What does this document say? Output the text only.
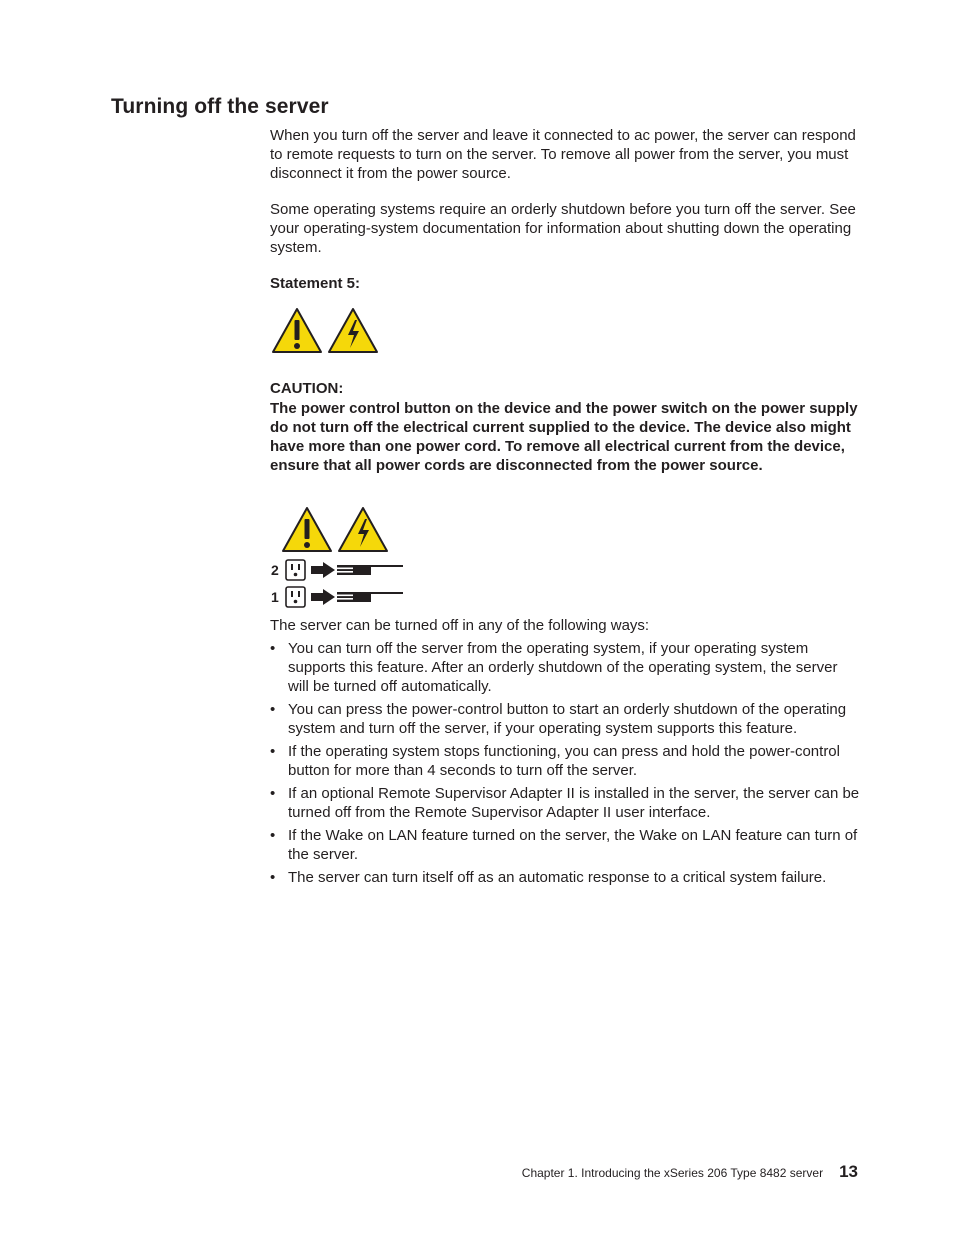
Turning off the server

When you turn off the server and leave it connected to ac power, the server can respond to remote requests to turn on the server. To remove all power from the server, you must disconnect it from the power source.

Some operating systems require an orderly shutdown before you turn off the server. See your operating-system documentation for information about shutting down the operating system.

Statement 5:
CAUTION:

The power control button on the device and the power switch on the power supply do not turn off the electrical current supplied to the device. The device also might have more than one power cord. To remove all electrical current from the device, ensure that all power cords are disconnected from the power source.

2
1

The server can be turned off in any of the following ways:

• You can turn off the server from the operating system, if your operating system supports this feature. After an orderly shutdown of the operating system, the server will be turned off automatically.
• You can press the power-control button to start an orderly shutdown of the operating system and turn off the server, if your operating system supports this feature.
• If the operating system stops functioning, you can press and hold the power-control button for more than 4 seconds to turn off the server.
• If an optional Remote Supervisor Adapter II is installed in the server, the server can be turned off from the Remote Supervisor Adapter II user interface.
• If the Wake on LAN feature turned on the server, the Wake on LAN feature can turn of the server.
• The server can turn itself off as an automatic response to a critical system failure.
Chapter 1. Introducing the xSeries 206 Type 8482 server 13
